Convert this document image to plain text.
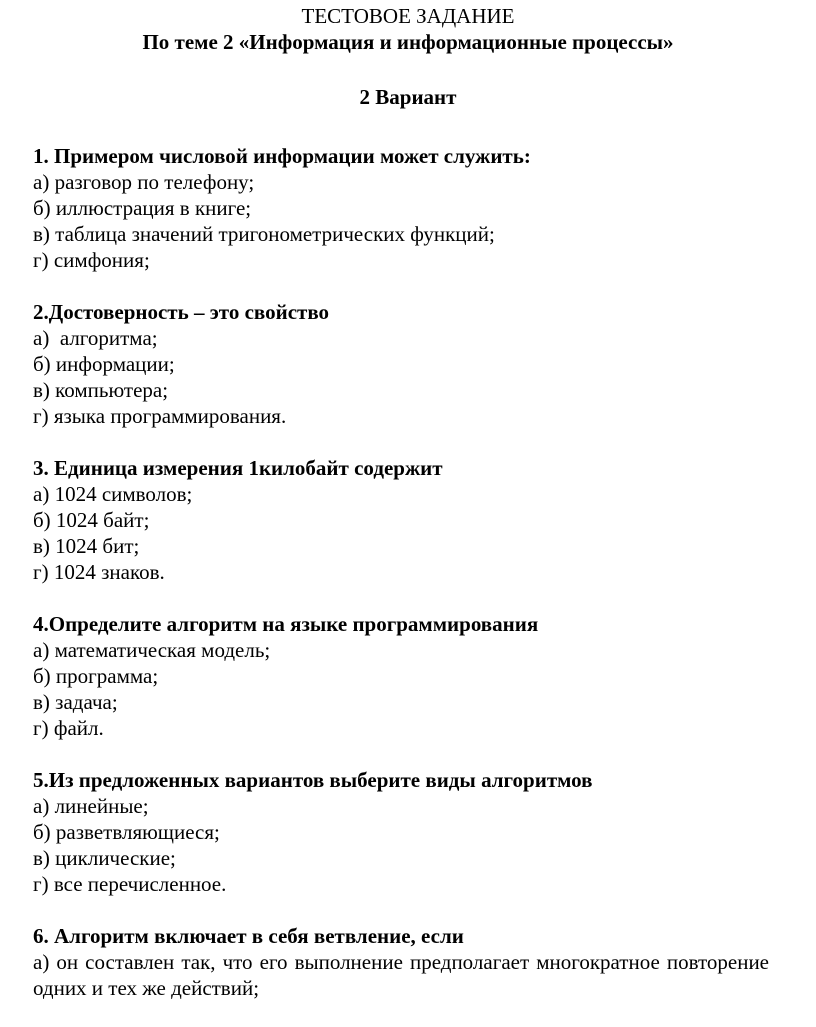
ТЕСТОВОЕ ЗАДАНИЕ
По теме 2 «Информация и информационные процессы»
2 Вариант
1. Примером числовой информации может служить:
а) разговор по телефону;
б) иллюстрация в книге;
в) таблица значений тригонометрических функций;
г) симфония;
2.Достоверность – это свойство
а)  алгоритма;
б) информации;
в) компьютера;
г) языка программирования.
3. Единица измерения 1килобайт содержит
а) 1024 символов;
б) 1024 байт;
в) 1024 бит;
г) 1024 знаков.
4.Определите алгоритм на языке программирования
а) математическая модель;
б) программа;
в) задача;
г) файл.
5.Из предложенных вариантов выберите виды алгоритмов
а) линейные;
б) разветвляющиеся;
в) циклические;
г) все перечисленное.
6. Алгоритм включает в себя ветвление, если
а) он составлен так, что его выполнение предполагает многократное повторение одних и тех же действий;
